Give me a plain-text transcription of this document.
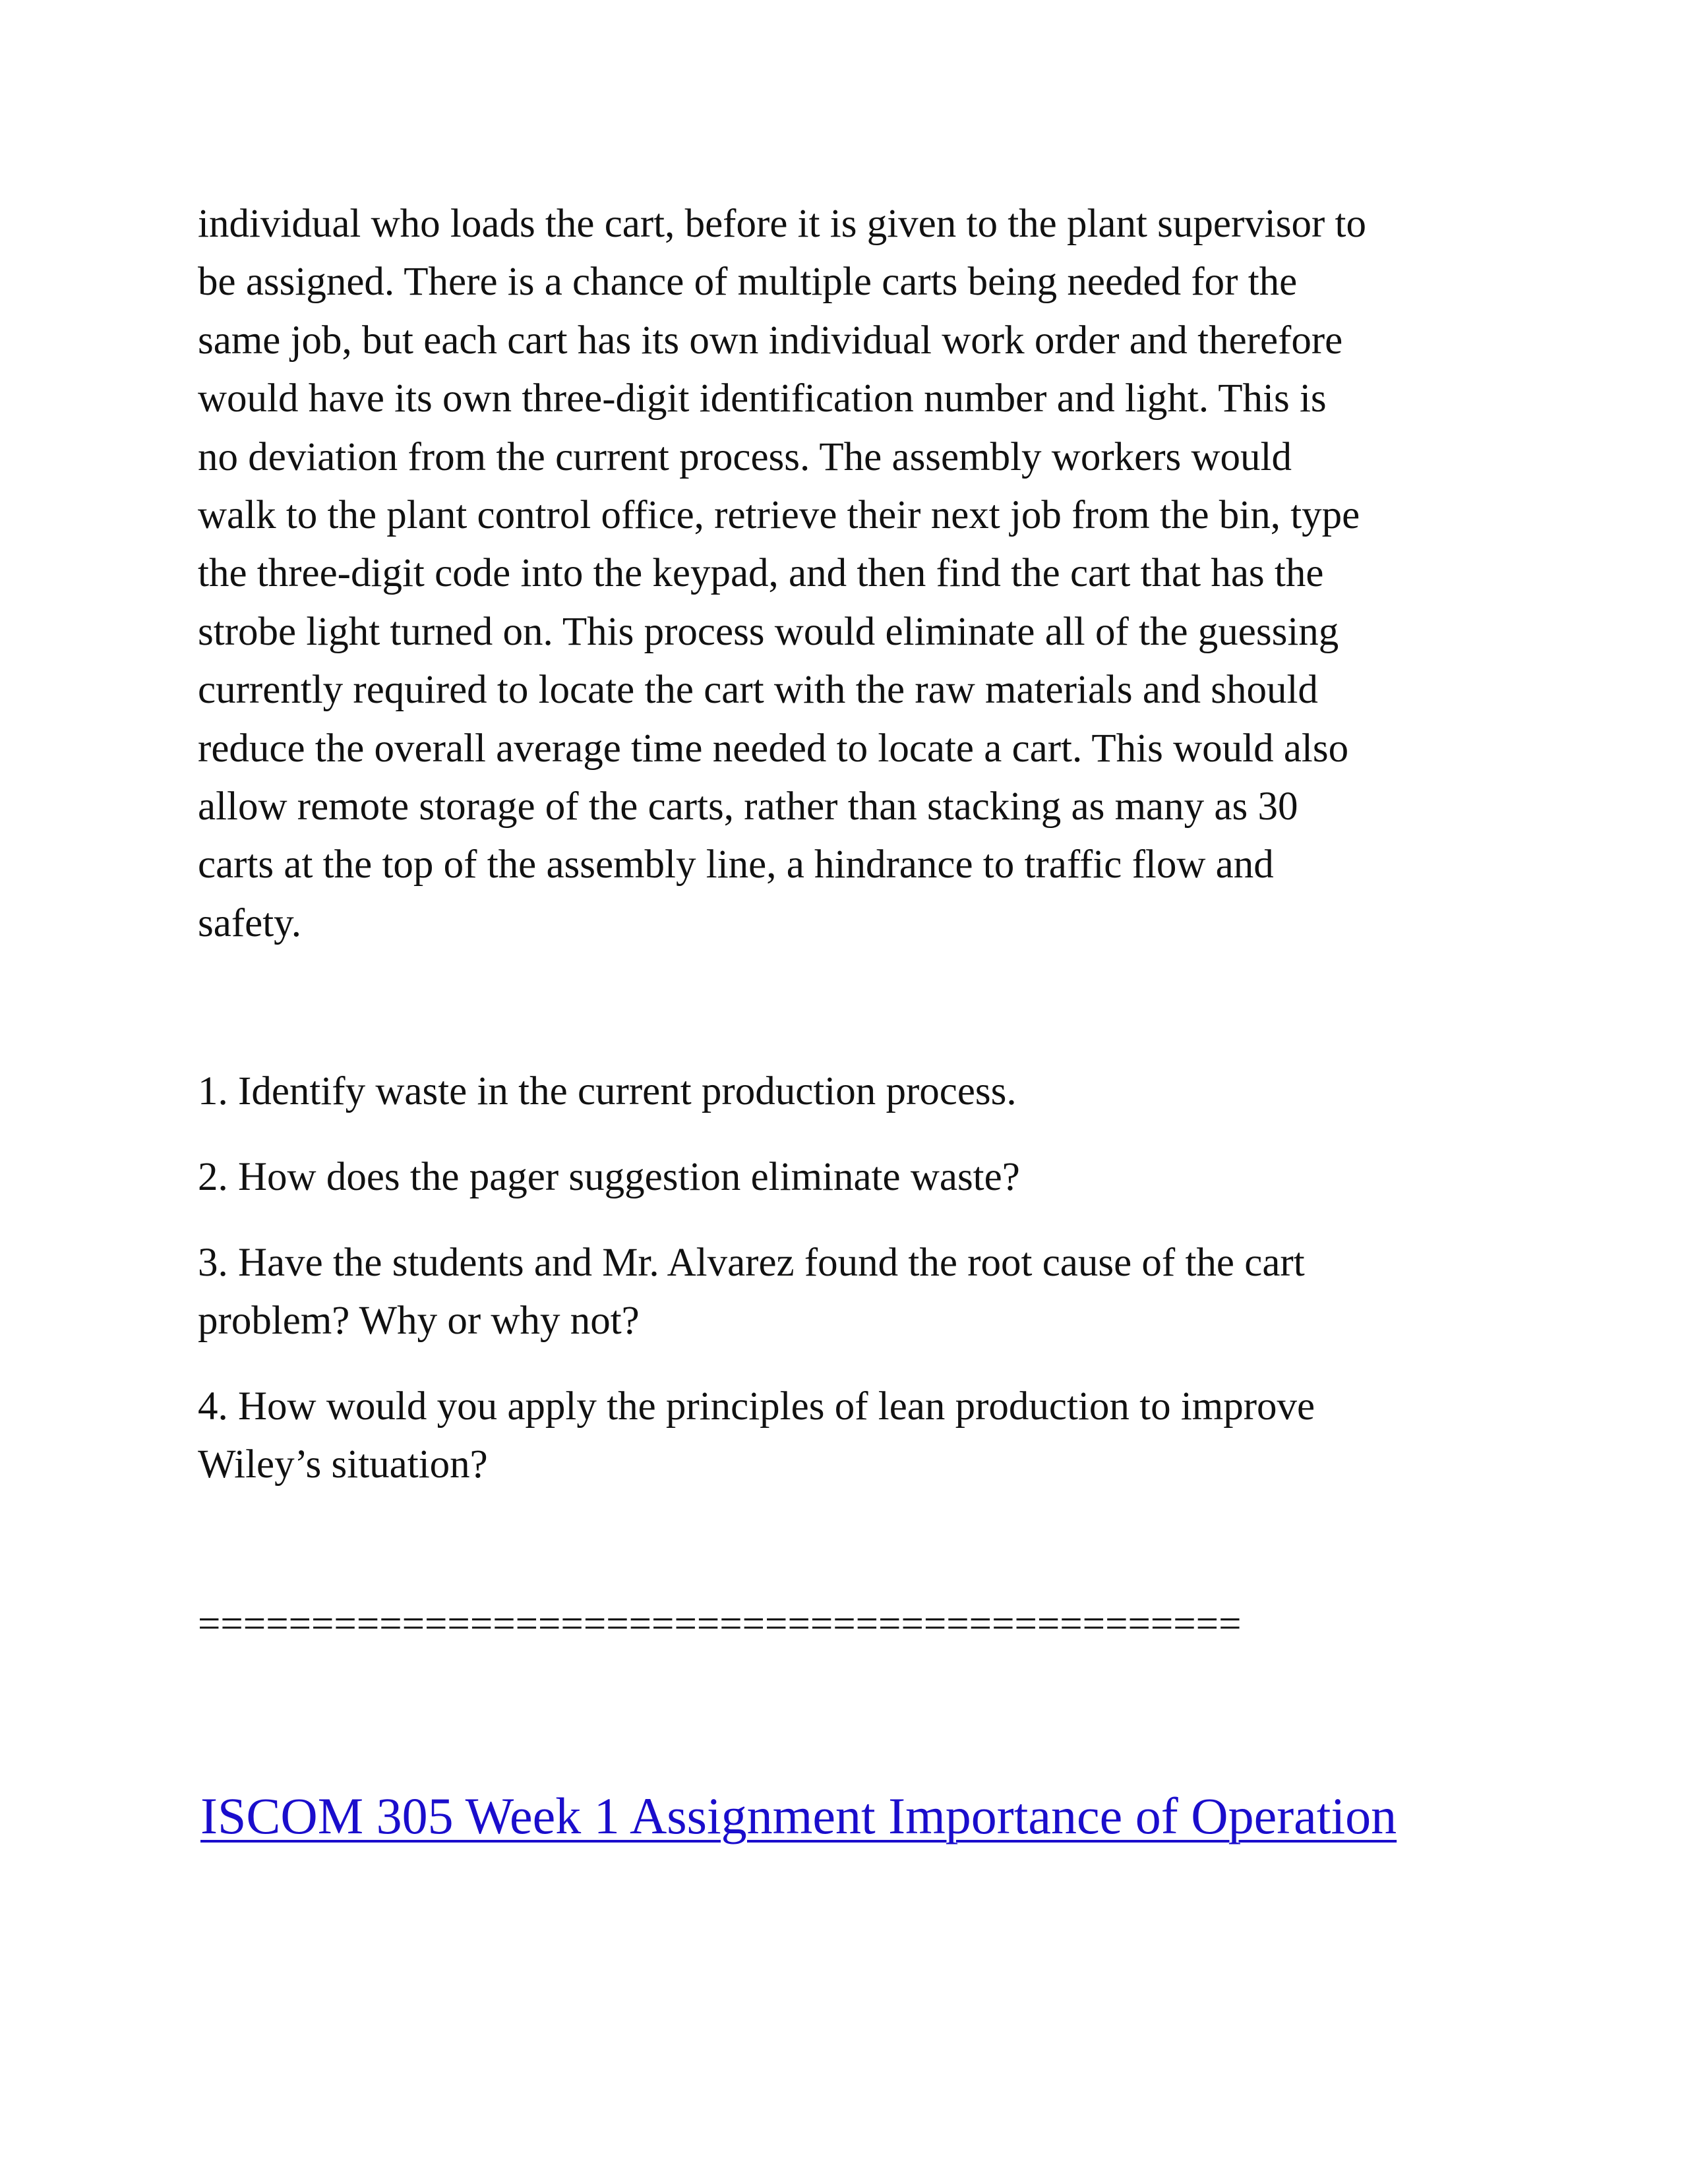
individual who loads the cart, before it is given to the plant supervisor to
be assigned. There is a chance of multiple carts being needed for the
same job, but each cart has its own individual work order and therefore
would have its own three-digit identification number and light. This is
no deviation from the current process. The assembly workers would
walk to the plant control office, retrieve their next job from the bin, type
the three-digit code into the keypad, and then find the cart that has the
strobe light turned on. This process would eliminate all of the guessing
currently required to locate the cart with the raw materials and should
reduce the overall average time needed to locate a cart. This would also
allow remote storage of the carts, rather than stacking as many as 30
carts at the top of the assembly line, a hindrance to traffic flow and
safety.
1. Identify waste in the current production process.
2. How does the pager suggestion eliminate waste?
3. Have the students and Mr. Alvarez found the root cause of the cart
problem? Why or why not?
4. How would you apply the principles of lean production to improve
Wiley’s situation?
==============================================
ISCOM 305 Week 1 Assignment Importance of Operation
